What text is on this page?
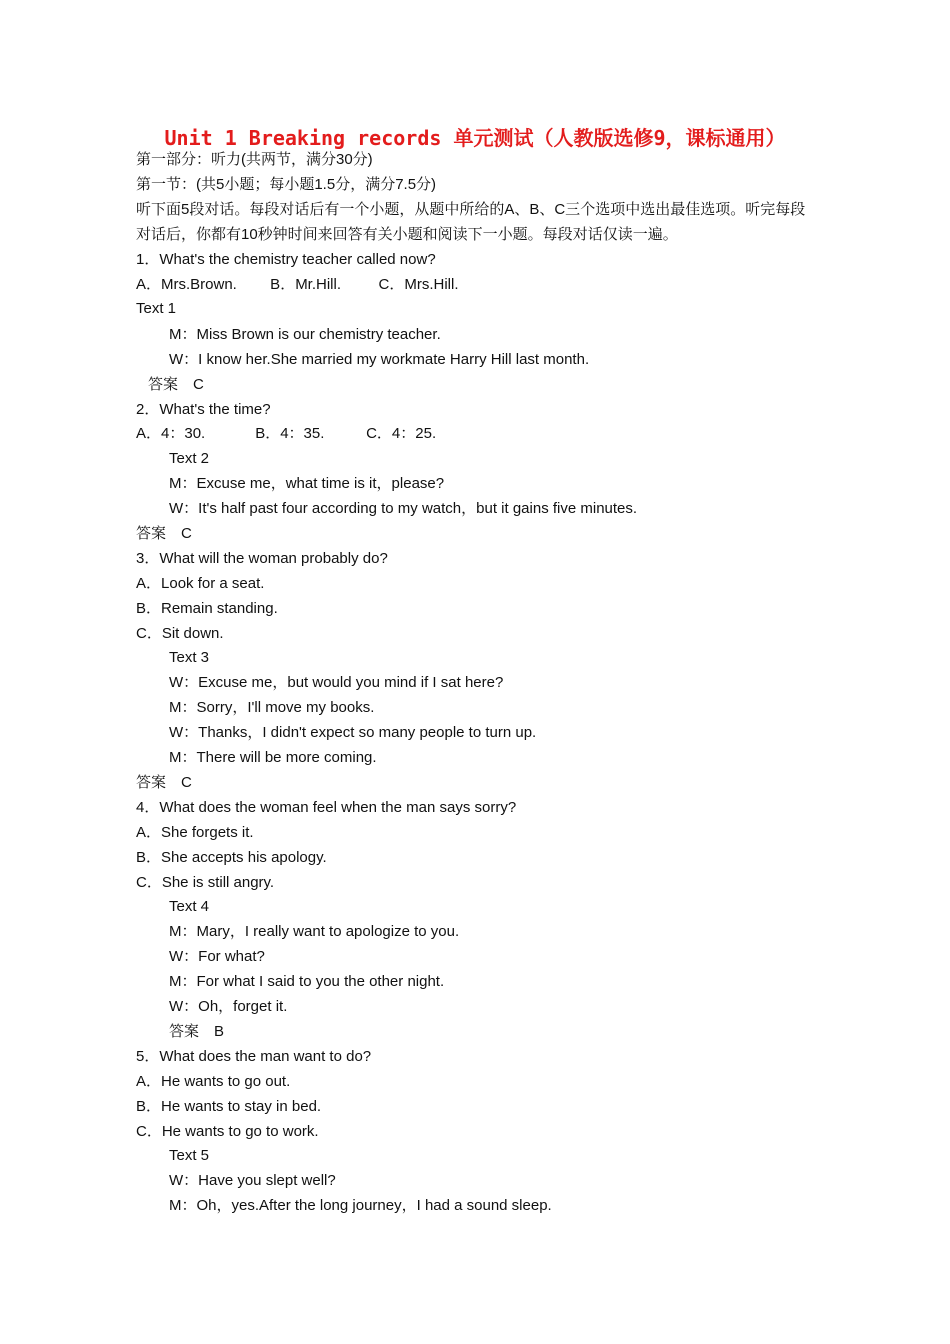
Unit 1 Breaking records 单元测试（人教版选修9，课标通用）
第一部分：听力(共两节，满分30分)
第一节：(共5小题；每小题1.5分，满分7.5分)
听下面5段对话。每段对话后有一个小题，从题中所给的A、B、C三个选项中选出最佳选项。听完每段对话后，你都有10秒钟时间来回答有关小题和阅读下一小题。每段对话仅读一遍。
1．What's the chemistry teacher called now?
A．Mrs.Brown.        B．Mr.Hill.         C．Mrs.Hill.
Text 1
M：Miss Brown is our chemistry teacher.
W：I know her.She married my workmate Harry Hill last month.
答案　C
2．What's the time?
A．4：30.            B．4：35.          C．4：25.
Text 2
M：Excuse me，what time is it，please?
W：It's half past four according to my watch，but it gains five minutes.
答案　C
3．What will the woman probably do?
A．Look for a seat.
B．Remain standing.
C．Sit down.
Text 3
W：Excuse me，but would you mind if I sat here?
M：Sorry，I'll move my books.
W：Thanks，I didn't expect so many people to turn up.
M：There will be more coming.
答案　C
4．What does the woman feel when the man says sorry?
A．She forgets it.
B．She accepts his apology.
C．She is still angry.
Text 4
M：Mary，I really want to apologize to you.
W：For what?
M：For what I said to you the other night.
W：Oh，forget it.
答案　B
5．What does the man want to do?
A．He wants to go out.
B．He wants to stay in bed.
C．He wants to go to work.
Text 5
W：Have you slept well?
M：Oh，yes.After the long journey，I had a sound sleep.
